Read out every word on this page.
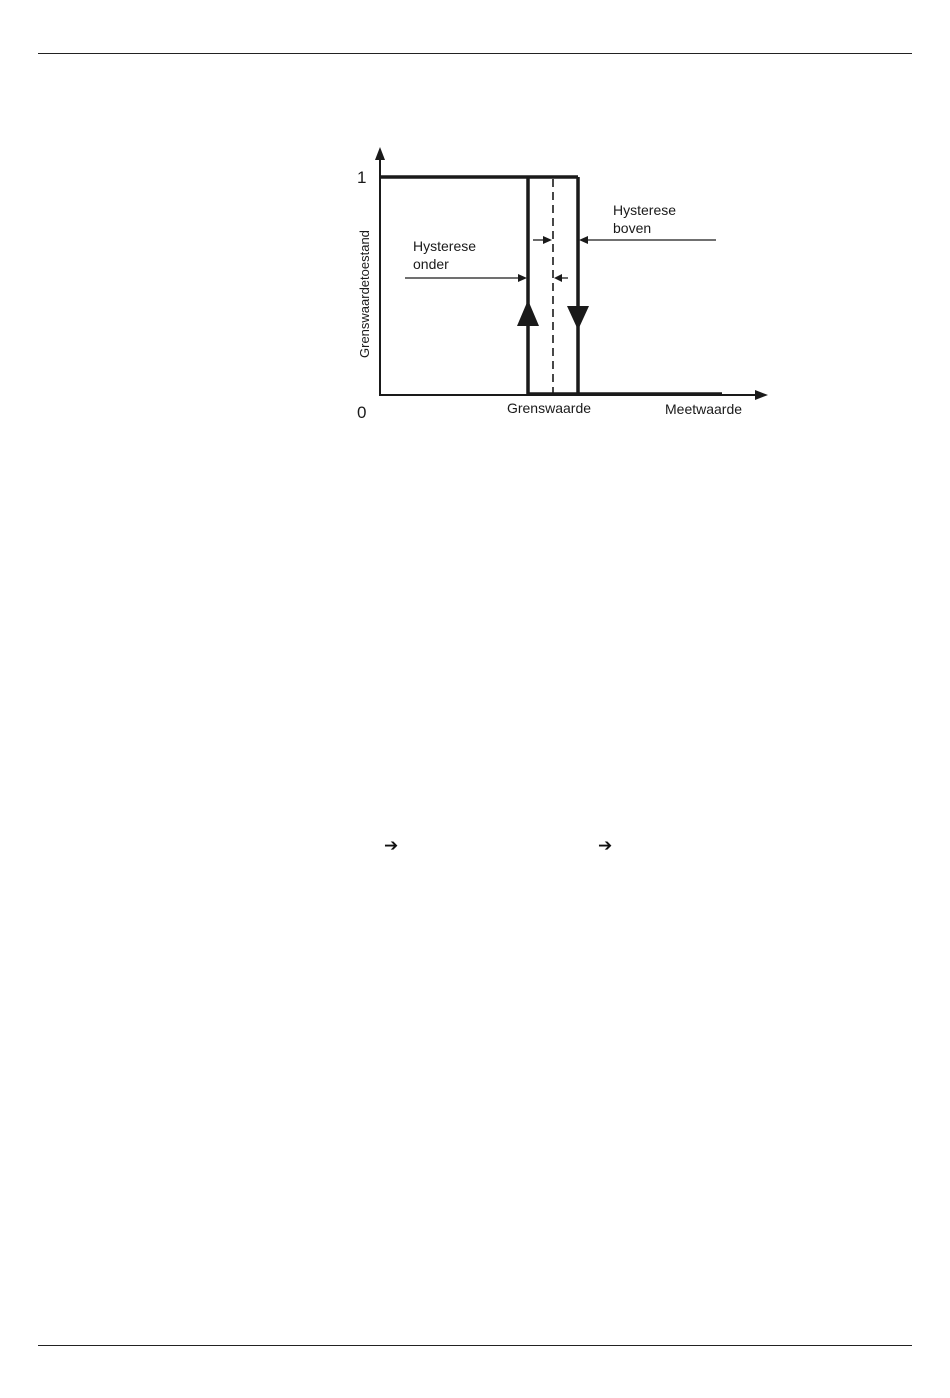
1
0
Grenswaardetoestand
Grenswaarde	Meetwaarde
Hysterese
boven
Hysterese
onder
➔	➔
